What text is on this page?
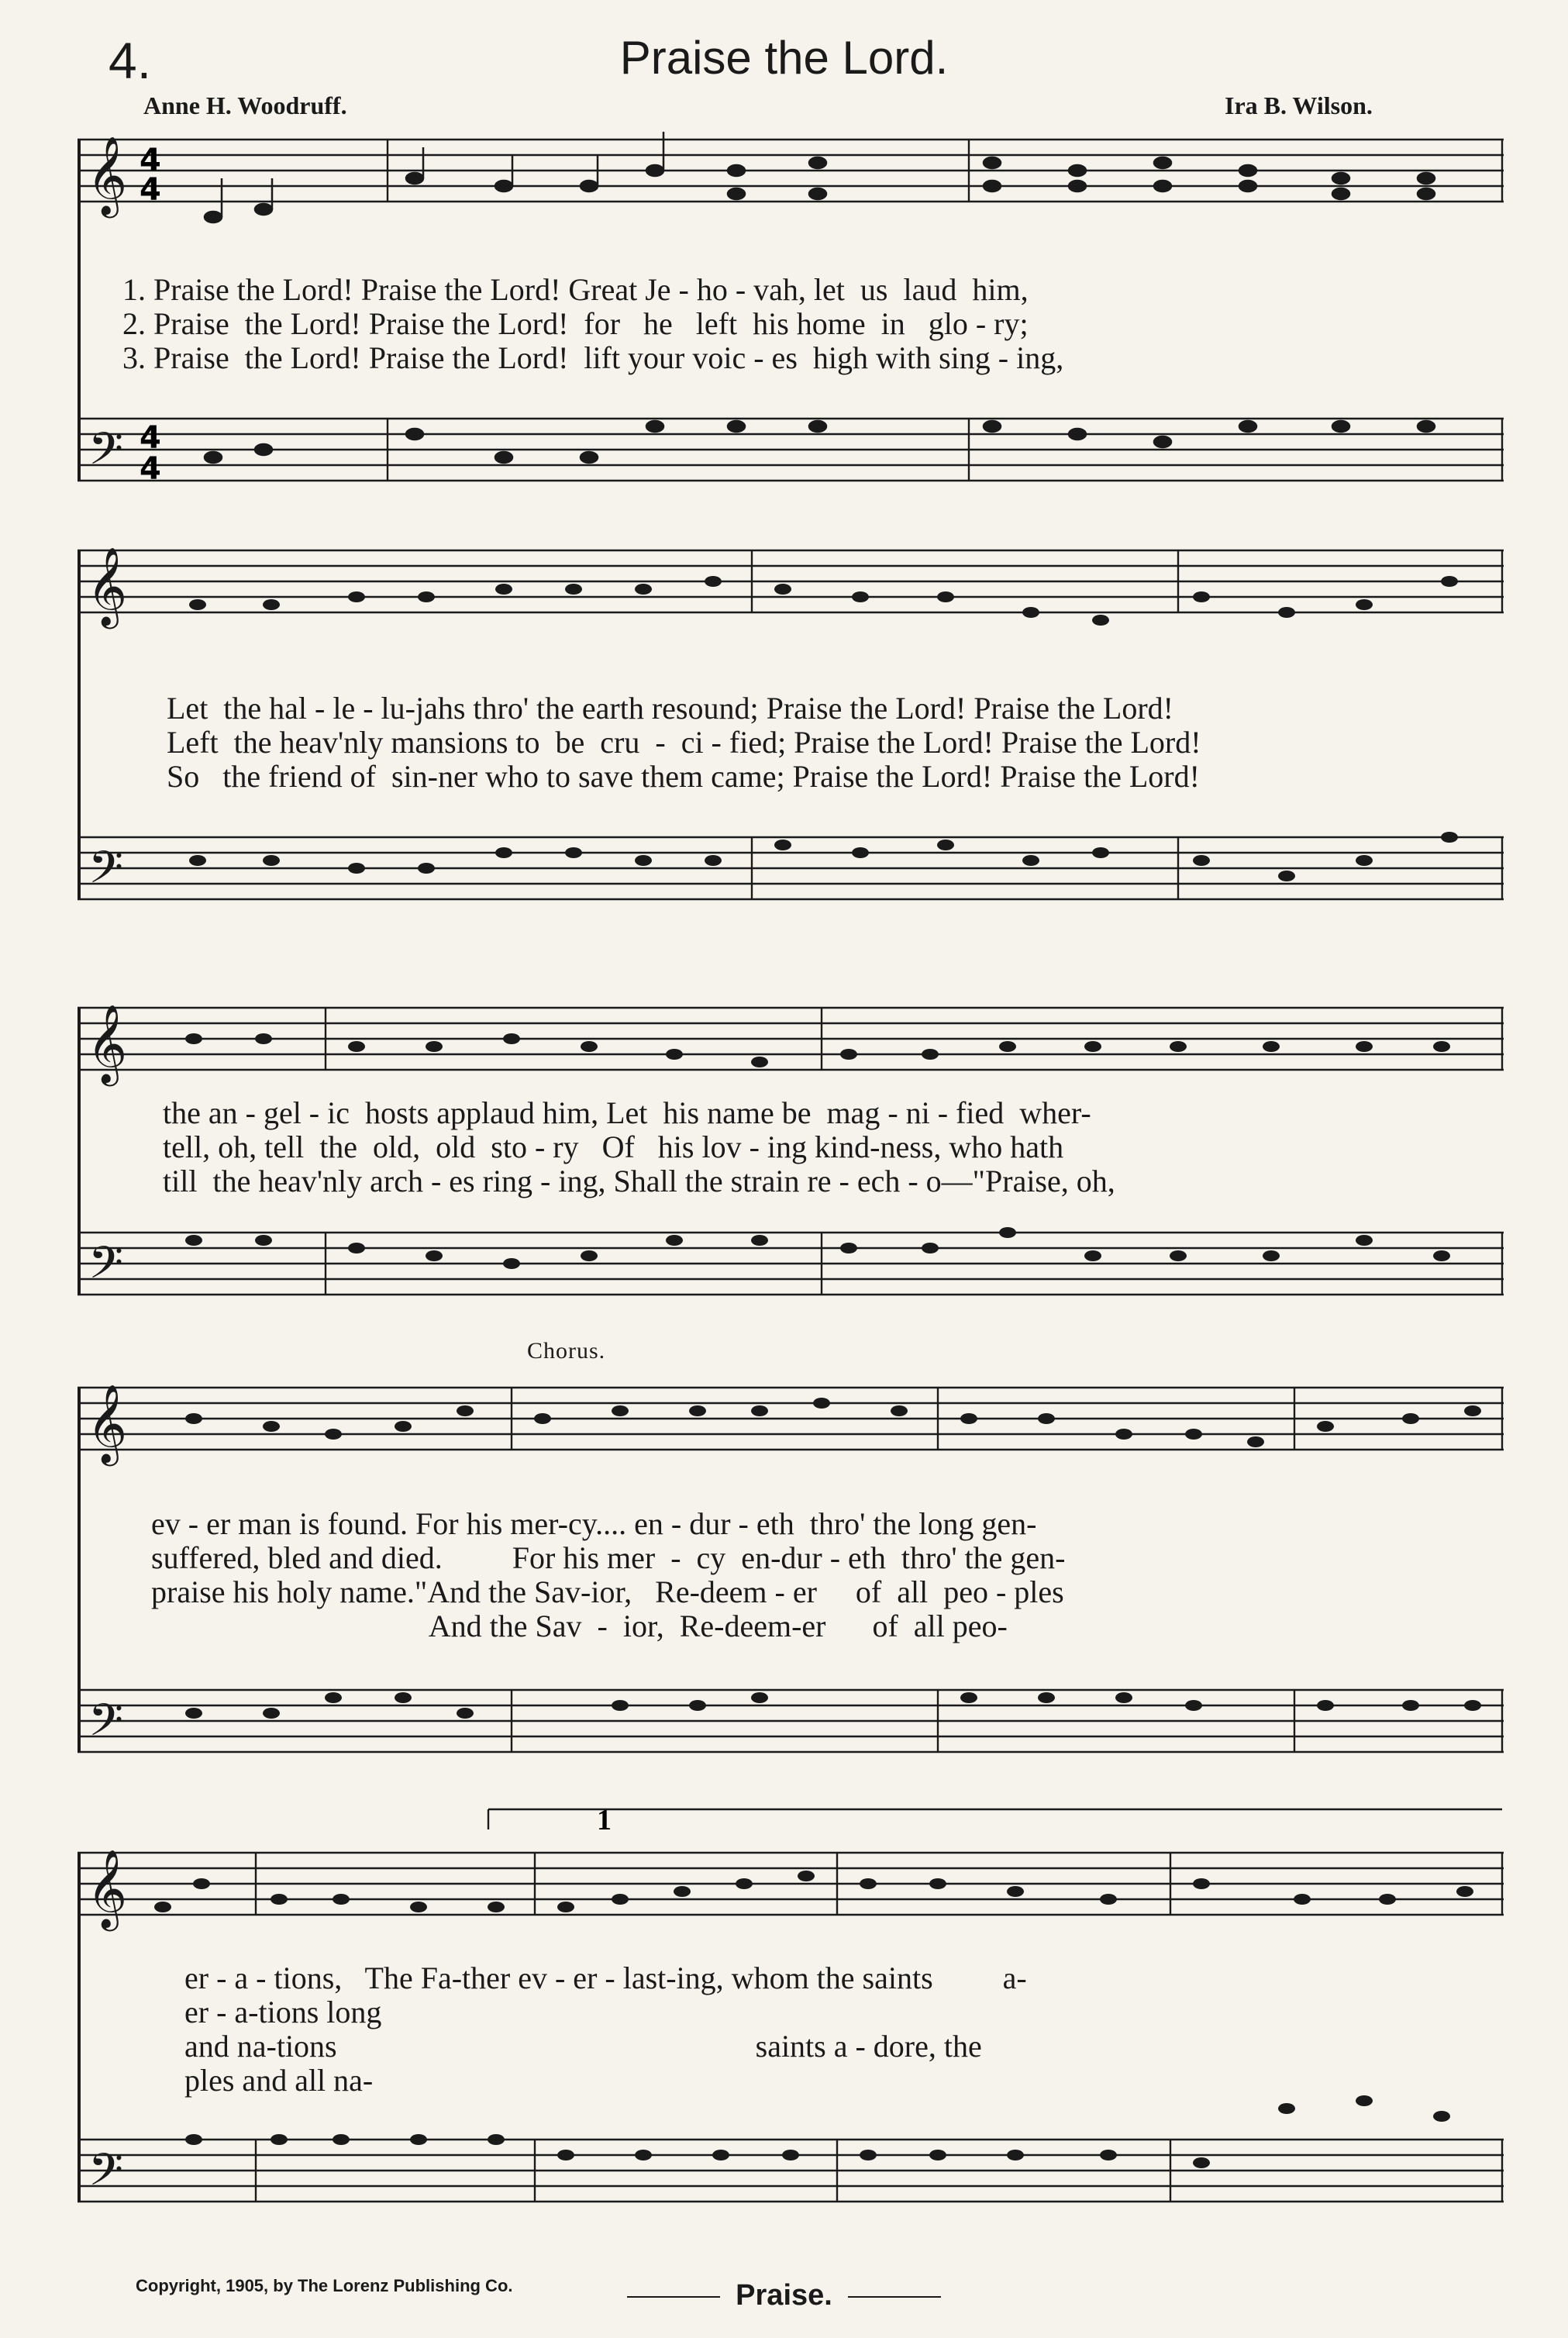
4.	Praise the Lord.
Anne H. Woodruff.	Ira B. Wilson.
𝄞
𝄢
4
4
4
4
1. Praise the Lord! Praise the Lord! Great Je - ho - vah, let  us  laud  him,
2. Praise  the Lord! Praise the Lord!  for   he   left  his home  in   glo - ry;
3. Praise  the Lord! Praise the Lord!  lift your voic - es  high with sing - ing,
𝄞
𝄢
Let  the hal - le - lu-jahs thro' the earth resound; Praise the Lord! Praise the Lord!
Left  the heav'nly mansions to  be  cru  -  ci - fied; Praise the Lord! Praise the Lord!
So   the friend of  sin-ner who to save them came; Praise the Lord! Praise the Lord!
𝄞
𝄢
the an - gel - ic  hosts applaud him, Let  his name be  mag - ni - fied  wher-
tell, oh, tell  the  old,  old  sto - ry   Of   his lov - ing kind-ness, who hath
till  the heav'nly arch - es ring - ing, Shall the strain re - ech - o—"Praise, oh,
Chorus.
𝄞
𝄢
ev - er man is found. For his mer-cy.... en - dur - eth  thro' the long gen-
suffered, bled and died.         For his mer  -  cy  en-dur - eth  thro' the gen-
praise his holy name."And the Sav-ior,   Re-deem - er     of  all  peo - ples
And the Sav  -  ior,  Re-deem-er      of  all peo-
1
𝄞
𝄢
er - a - tions,   The Fa-ther ev - er - last-ing, whom the saints         a-
er - a-tions long
and na-tions                                                      saints a - dore, the
ples and all na-
Copyright, 1905, by The Lorenz Publishing Co.	Praise.
